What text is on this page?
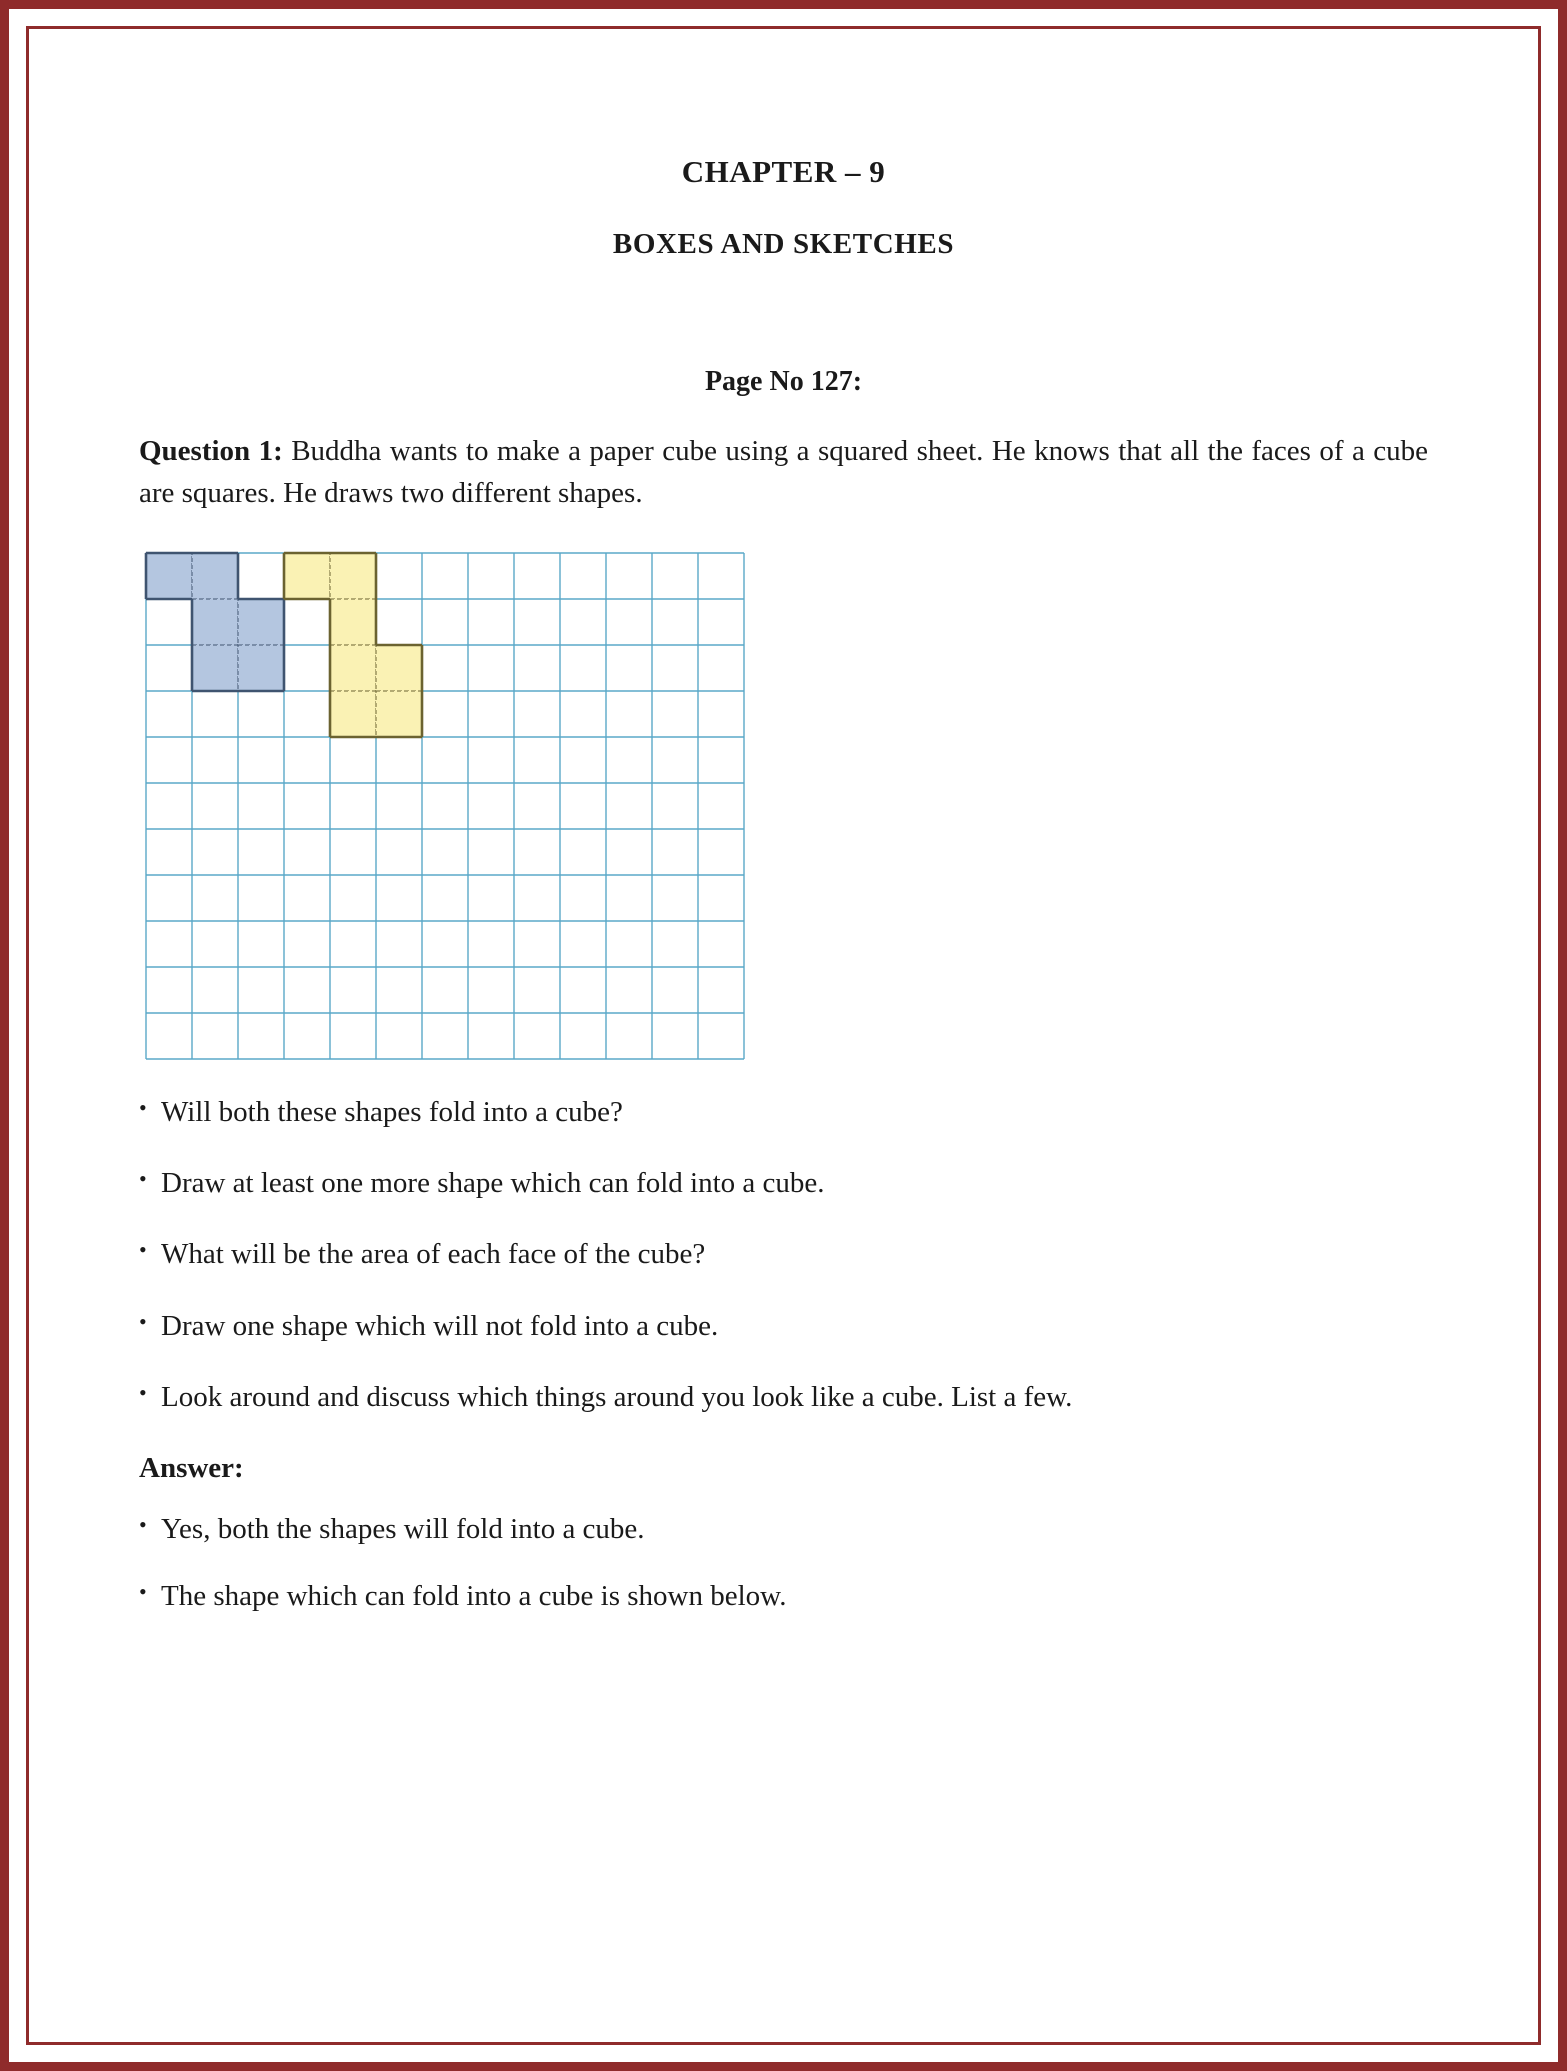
CHAPTER – 9
BOXES AND SKETCHES
Page No 127:

Question 1: Buddha wants to make a paper cube using a squared sheet. He knows that all the faces of a cube are squares. He draws two different shapes.

• Will both these shapes fold into a cube?
• Draw at least one more shape which can fold into a cube.
• What will be the area of each face of the cube?
• Draw one shape which will not fold into a cube.
• Look around and discuss which things around you look like a cube. List a few.

Answer:

• Yes, both the shapes will fold into a cube.
• The shape which can fold into a cube is shown below.
